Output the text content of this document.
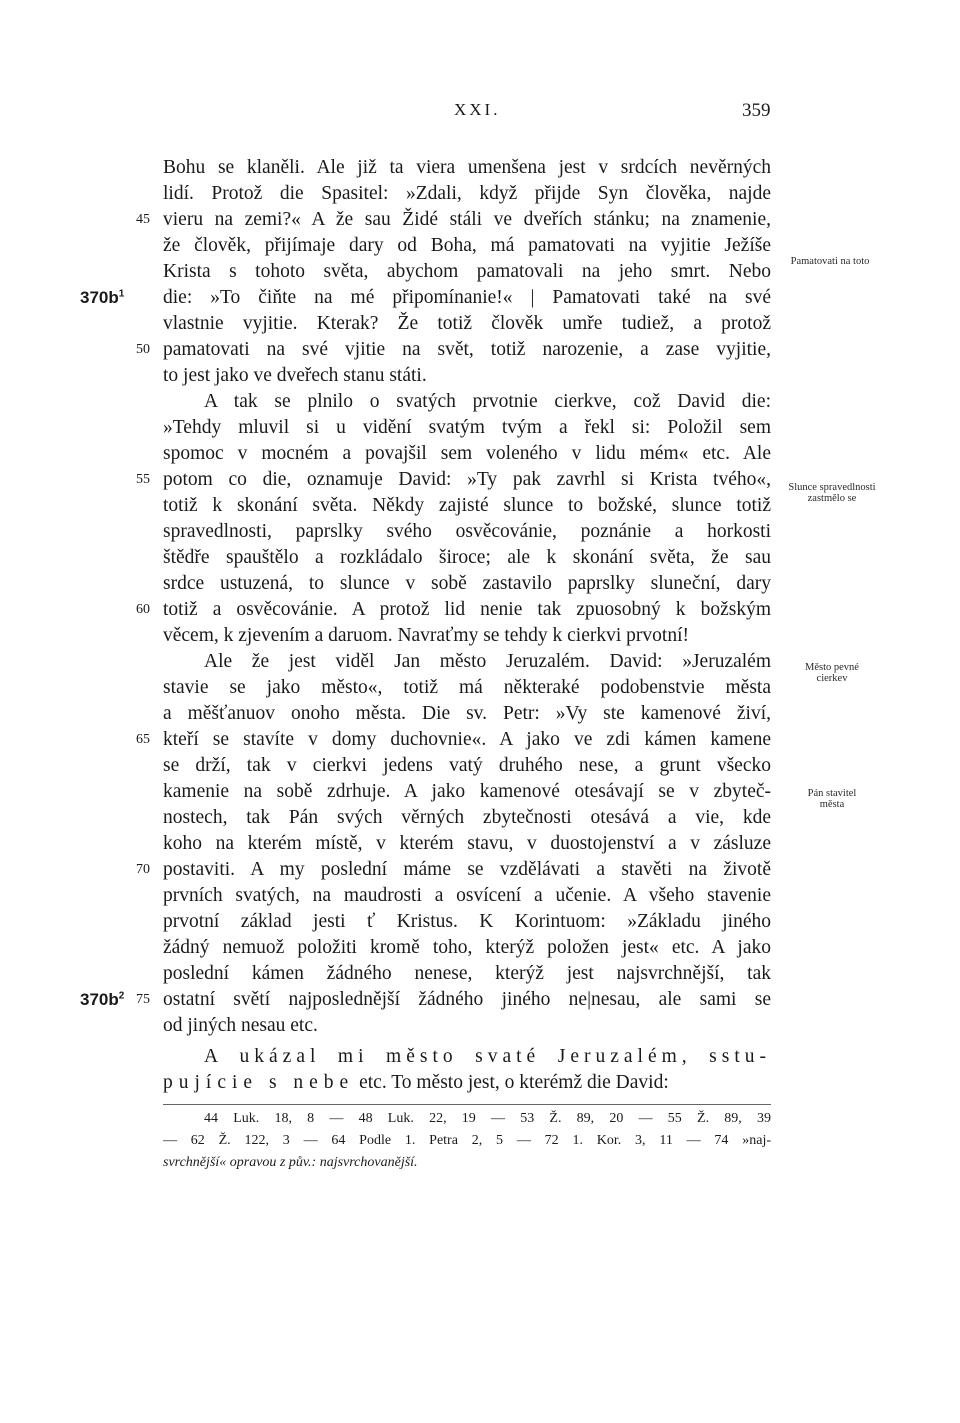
XXI.	359
Bohu se klaněli. Ale již ta viera umenšena jest v srdcích nevěrných
lidí. Protož die Spasitel: »Zdali, když přijde Syn člověka, najde
vieru na zemi?« A že sau Židé stáli ve dveřích stánku; na znamenie,
že člověk, přijímaje dary od Boha, má pamatovati na vyjitie Ježíše
Krista s tohoto světa, abychom pamatovali na jeho smrt. Nebo
die: »To čiňte na mé připomínanie!« | Pamatovati také na své
vlastnie vyjitie. Kterak? Že totiž člověk umře tudiež, a protož
pamatovati na své vjitie na svět, totiž narozenie, a zase vyjitie,
to jest jako ve dveřech stanu státi.
A tak se plnilo o svatých prvotnie cierkve, což David die:
»Tehdy mluvil si u vidění svatým tvým a řekl si: Položil sem
spomoc v mocném a povajšil sem voleného v lidu mém« etc. Ale
potom co die, oznamuje David: »Ty pak zavrhl si Krista tvého«,
totiž k skonání světa. Někdy zajisté slunce to božské, slunce totiž
spravedlnosti, paprslky svého osvěcovánie, poznánie a horkosti
štědře spauštělo a rozkládalo široce; ale k skonání světa, že sau
srdce ustuzená, to slunce v sobě zastavilo paprslky sluneční, dary
totiž a osvěcovánie. A protož lid nenie tak zpuosobný k božským
věcem, k zjevením a daruom. Navraťmy se tehdy k cierkvi prvotní!
Ale že jest viděl Jan město Jeruzalém. David: »Jeruzalém
stavie se jako město«, totiž má některaké podobenstvie města
a měšťanuov onoho města. Die sv. Petr: »Vy ste kamenové živí,
kteří se stavíte v domy duchovnie«. A jako ve zdi kámen kamene
se drží, tak v cierkvi jedens vatý druhého nese, a grunt všecko
kamenie na sobě zdrhuje. A jako kamenové otesávají se v zbyteč-
nostech, tak Pán svých věrných zbytečnosti otesává a vie, kde
koho na kterém místě, v kterém stavu, v duostojenství a v zásluze
postaviti. A my poslední máme se vzdělávati a stavěti na životě
prvních svatých, na maudrosti a osvícení a učenie. A všeho stavenie
prvotní základ jesti ť Kristus. K Korintuom: »Základu jiného
žádný nemuož položiti kromě toho, kterýž položen jest« etc. A jako
poslední kámen žádného nenese, kterýž jest najsvrchnější, tak
ostatní světí najposlednější žádného jiného ne|nesau, ale sami se
od jiných nesau etc.
45
50
55
60
65
70
75
$370b^1$
$370b^2$
Pamatovati na toto
Slunce spravedlnosti zastmělo se
Město pevné cierkev
Pán stavitel města
A ukázal mi město svaté Jeruzalém, sstu-
pujície s nebe etc. To město jest, o kterémž die David:
44 Luk. 18, 8 — 48 Luk. 22, 19 — 53 Ž. 89, 20 — 55 Ž. 89, 39
— 62 Ž. 122, 3 — 64 Podle 1. Petra 2, 5 — 72 1. Kor. 3, 11 — 74 »naj-
svrchnější« opravou z pův.: najsvrchovanější.
